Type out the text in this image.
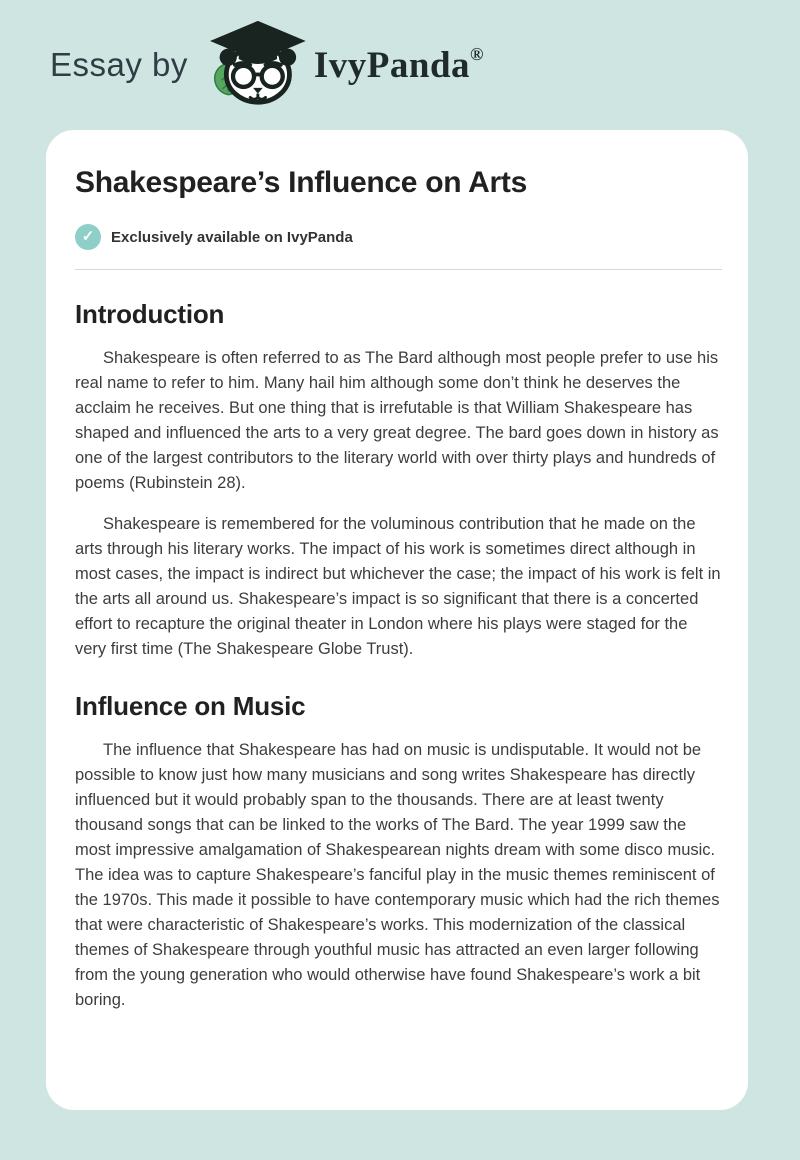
Essay by	IvyPanda®
Shakespeare’s Influence on Arts
✓ Exclusively available on IvyPanda
Introduction

Shakespeare is often referred to as The Bard although most people prefer to use his real name to refer to him. Many hail him although some don’t think he deserves the acclaim he receives. But one thing that is irrefutable is that William Shakespeare has shaped and influenced the arts to a very great degree. The bard goes down in history as one of the largest contributors to the literary world with over thirty plays and hundreds of poems (Rubinstein 28).

Shakespeare is remembered for the voluminous contribution that he made on the arts through his literary works. The impact of his work is sometimes direct although in most cases, the impact is indirect but whichever the case; the impact of his work is felt in the arts all around us. Shakespeare’s impact is so significant that there is a concerted effort to recapture the original theater in London where his plays were staged for the very first time (The Shakespeare Globe Trust).

Influence on Music

The influence that Shakespeare has had on music is undisputable. It would not be possible to know just how many musicians and song writes Shakespeare has directly influenced but it would probably span to the thousands. There are at least twenty thousand songs that can be linked to the works of The Bard. The year 1999 saw the most impressive amalgamation of Shakespearean nights dream with some disco music. The idea was to capture Shakespeare’s fanciful play in the music themes reminiscent of the 1970s. This made it possible to have contemporary music which had the rich themes that were characteristic of Shakespeare’s works. This modernization of the classical themes of Shakespeare through youthful music has attracted an even larger following from the young generation who would otherwise have found Shakespeare’s work a bit boring.
